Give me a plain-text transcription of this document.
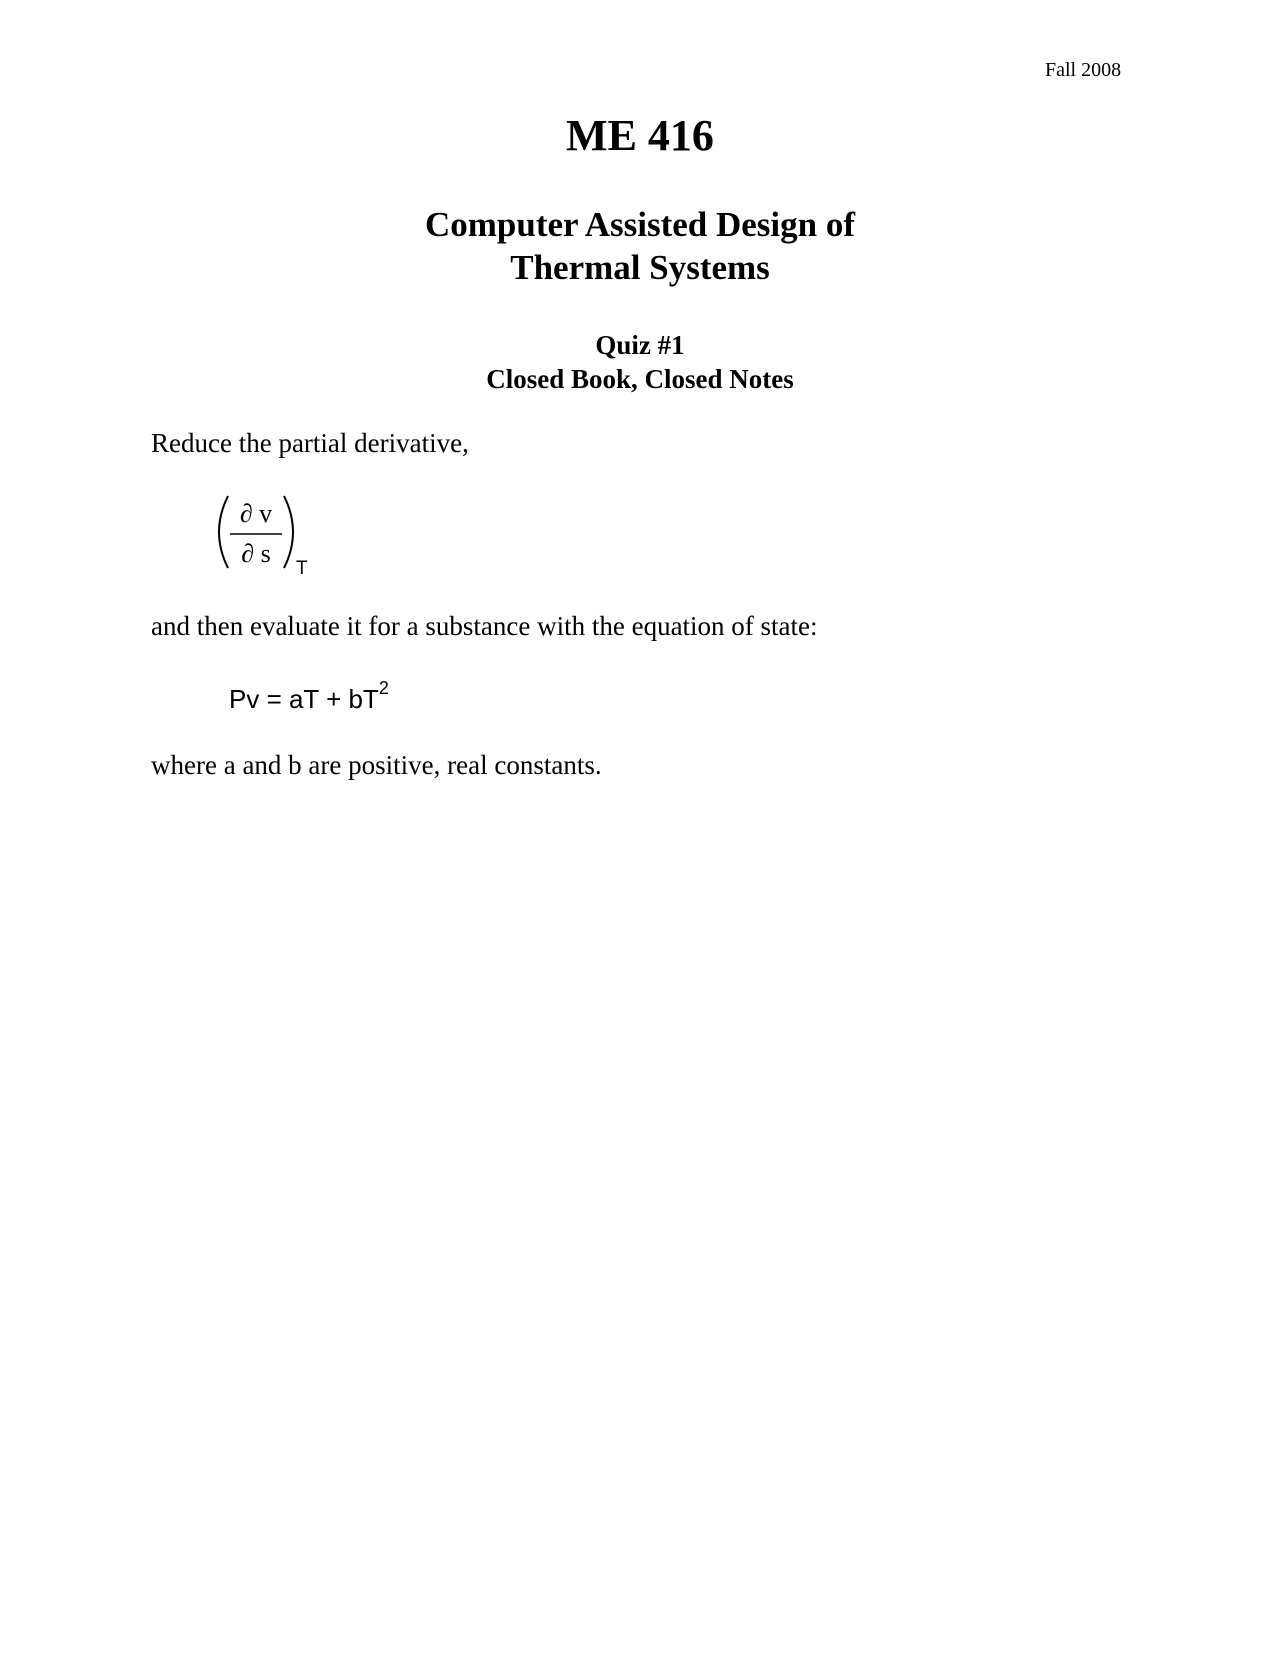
Fall 2008
ME 416
Computer Assisted Design of
Thermal Systems
Quiz #1
Closed Book, Closed Notes
Reduce the partial derivative,
∂ v
∂ s
T
and then evaluate it for a substance with the equation of state:
Pv = aT + $bT^2$
where a and b are positive, real constants.
